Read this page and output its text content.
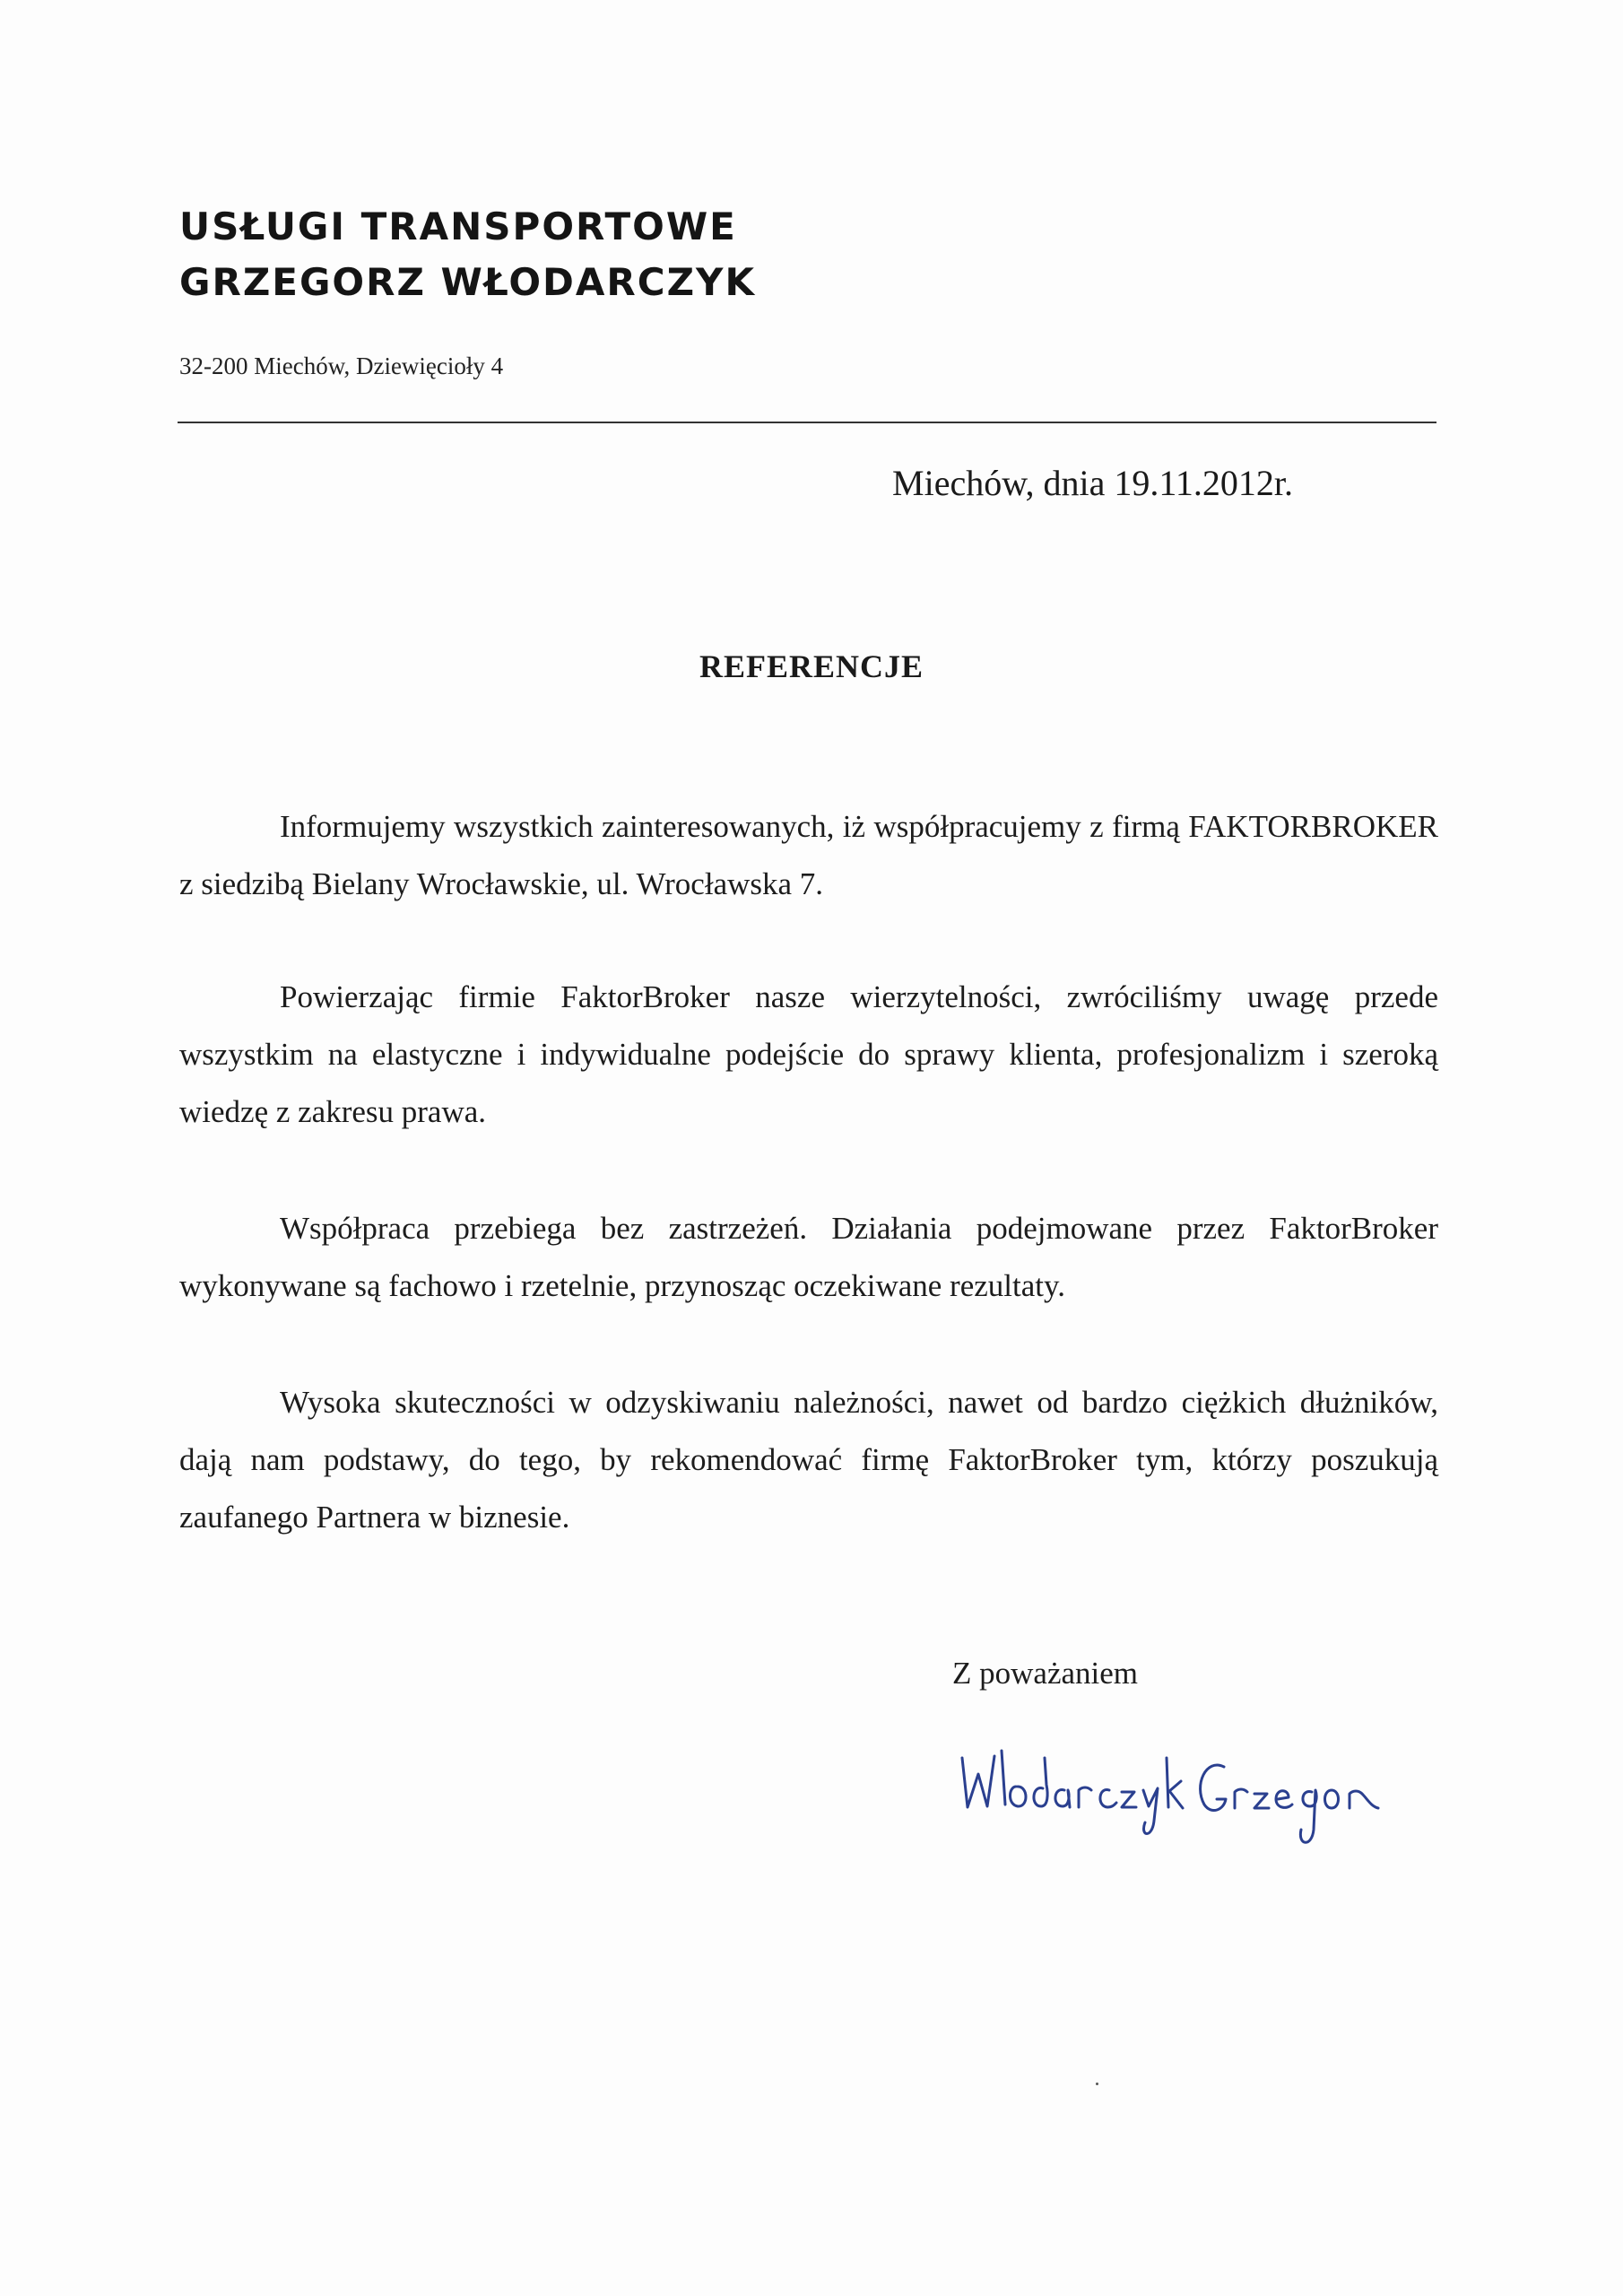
USŁUGI TRANSPORTOWE
GRZEGORZ WŁODARCZYK
32-200 Miechów, Dziewięcioły 4
Miechów, dnia 19.11.2012r.
REFERENCJE

Informujemy wszystkich zainteresowanych, iż współpracujemy z firmą FAKTORBROKER z siedzibą Bielany Wrocławskie, ul. Wrocławska 7.

Powierzając firmie FaktorBroker nasze wierzytelności, zwróciliśmy uwagę przede wszystkim na elastyczne i indywidualne podejście do sprawy klienta, profesjonalizm i szeroką wiedzę z zakresu prawa.

Współpraca przebiega bez zastrzeżeń. Działania podejmowane przez FaktorBroker wykonywane są fachowo i rzetelnie, przynosząc oczekiwane rezultaty.

Wysoka skuteczności w odzyskiwaniu należności, nawet od bardzo ciężkich dłużników, dają nam podstawy, do tego, by rekomendować firmę FaktorBroker tym, którzy poszukują zaufanego Partnera w biznesie.

Z poważaniem
